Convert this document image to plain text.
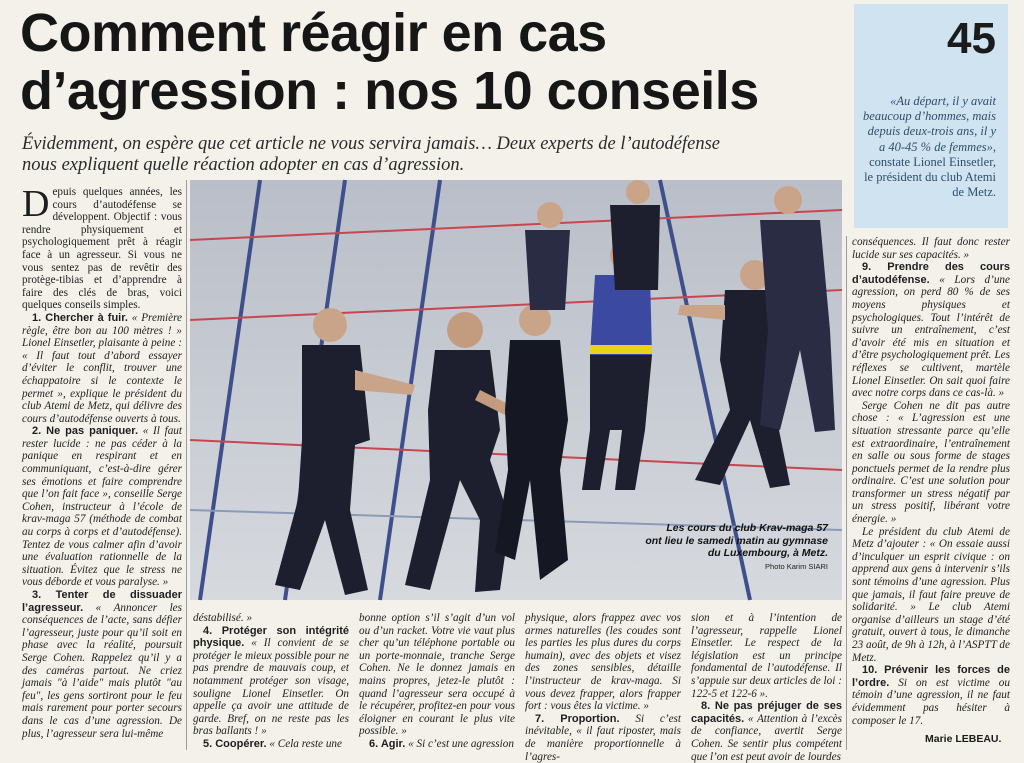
Comment réagir en cas
d’agression : nos 10 conseils
Évidemment, on espère que cet article ne vous servira jamais… Deux experts de l’autodéfense
nous expliquent quelle réaction adopter en cas d’agression.
45
«Au départ, il y avait beaucoup d’hommes, mais depuis deux-trois ans, il y a 40-45 % de femmes», constate Lionel Einsetler, le président du club Atemi de Metz.
Les cours du club Krav-maga 57
ont lieu le samedi matin au gymnase
du Luxembourg, à Metz.
Photo Karim SIARI

Depuis quelques années, les cours d’autodéfense se développent. Objectif : vous rendre physiquement et psychologiquement prêt à réagir face à un agresseur. Si vous ne vous sentez pas de revêtir des protège-tibias et d’apprendre à faire des clés de bras, voici quelques conseils simples.

1. Chercher à fuir. « Première règle, être bon au 100 mètres ! » Lionel Einsetler, plaisante à peine : « Il faut tout d’abord essayer d’éviter le conflit, trouver une échappatoire si le contexte le permet », explique le président du club Atemi de Metz, qui délivre des cours d’autodéfense ouverts à tous.

2. Ne pas paniquer. « Il faut rester lucide : ne pas céder à la panique en respirant et en communiquant, c’est-à-dire gérer ses émotions et faire comprendre que l’on fait face », conseille Serge Cohen, instructeur à l’école de krav-maga 57 (méthode de combat au corps à corps et d’autodéfense). Tentez de vous calmer afin d’avoir une évaluation rationnelle de la situation. Évitez que le stress ne vous déborde et vous paralyse. »

3. Tenter de dissuader l’agresseur. « Annoncer les conséquences de l’acte, sans défier l’agresseur, juste pour qu’il soit en phase avec la réalité, poursuit Serge Cohen. Rappelez qu’il y a des caméras partout. Ne criez jamais "à l’aide" mais plutôt "au feu", les gens sortiront pour le feu mais rarement pour porter secours dans le cas d’une agression. De plus, l’agresseur sera lui-même

déstabilisé. »

4. Protéger son intégrité physique. « Il convient de se protéger le mieux possible pour ne pas prendre de mauvais coup, et notamment protéger son visage, souligne Lionel Einsetler. On appelle ça avoir une attitude de garde. Bref, on ne reste pas les bras ballants ! »

5. Coopérer. « Cela reste une

bonne option s’il s’agit d’un vol ou d’un racket. Votre vie vaut plus cher qu’un téléphone portable ou un porte-monnaie, tranche Serge Cohen. Ne le donnez jamais en mains propres, jetez-le plutôt : quand l’agresseur sera occupé à le récupérer, profitez-en pour vous éloigner en courant le plus vite possible. »

6. Agir. « Si c’est une agression

physique, alors frappez avec vos armes naturelles (les coudes sont les parties les plus dures du corps humain), avec des objets et visez des zones sensibles, détaille l’instructeur de krav-maga. Si vous devez frapper, alors frapper fort : vous êtes la victime. »

7. Proportion. Si c’est inévitable, « il faut riposter, mais de manière proportionnelle à l’agres-

sion et à l’intention de l’agresseur, rappelle Lionel Einsetler. Le respect de la législation est un principe fondamental de l’autodéfense. Il s’appuie sur deux articles de loi : 122-5 et 122-6 ».

8. Ne pas préjuger de ses capacités. « Attention à l’excès de confiance, avertit Serge Cohen. Se sentir plus compétent que l’on est peut avoir de lourdes

conséquences. Il faut donc rester lucide sur ses capacités. »

9. Prendre des cours d’autodéfense. « Lors d’une agression, on perd 80 % de ses moyens physiques et psychologiques. Tout l’intérêt de suivre un entraînement, c’est d’avoir été mis en situation et d’être psychologiquement prêt. Les réflexes se cultivent, martèle Lionel Einsetler. On sait quoi faire avec notre corps dans ce cas-là. »

Serge Cohen ne dit pas autre chose : « L’agression est une situation stressante parce qu’elle est extraordinaire, l’entraînement en salle ou sous forme de stages ponctuels permet de la rendre plus ordinaire. C’est une solution pour transformer un stress négatif par un stress positif, libérant votre énergie. »

Le président du club Atemi de Metz d’ajouter : « On essaie aussi d’inculquer un esprit civique : on apprend aux gens à intervenir s’ils sont témoins d’une agression. Plus que jamais, il faut faire preuve de solidarité. » Le club Atemi organise d’ailleurs un stage d’été gratuit, ouvert à tous, le dimanche 23 août, de 9h à 12h, à l’ASPTT de Metz.

10. Prévenir les forces de l’ordre. Si on est victime ou témoin d’une agression, il ne faut évidemment pas hésiter à composer le 17.

Marie LEBEAU.
